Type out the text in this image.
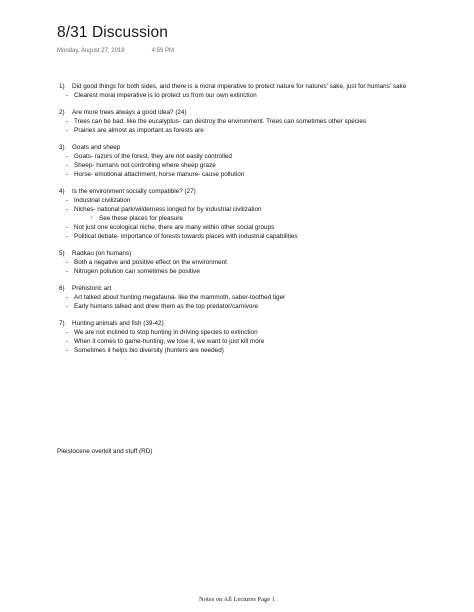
8/31 Discussion
Monday, August 27, 2018	4:59 PM
1)	Did good things for both sides, and there is a moral imperative to protect nature for natures' sake, just for humans' sake
- Clearest moral imperative is to protect us from our own extinction
2)	Are more trees always a good idea? (24)
- Trees can be bad, like the eucalyptus- can destroy the environment. Trees can sometimes other species
- Prairies are almost as important as forests are
3)	Goats and sheep
- Goats- razors of the forest, they are not easily controlled
- Sheep- humans not controlling where sheep graze
- Horse- emotional attachment, horse manure- cause pollution
4)	Is the environment socially compatible? (27)
- Industrial civilization
- Niches- national park/wilderness longed for by industrial civilization
○ See these places for pleasure
- Not just one ecological niche, there are many within other social groups
- Political debate- importance of forests towards places with industrial capabilities
5)	Radkau (on humans)
- Both a negative and positive effect on the environment
- Nitrogen pollution can sometimes be positive
6)	Prehistoric art
- Art talked about hunting megafauna- like the mammoth, saber-toothed tiger
- Early humans talked and drew them as the top predator/carnivore
7)	Hunting animals and fish (39-42)
- We are not inclined to stop hunting in driving species to extinction
- When it comes to game-hunting, we lose it, we want to just kill more
- Sometimes it helps bio diversity (hunters are needed)
Pleistocene overkill and stuff (RD)
Notes on All Lectures Page 1
